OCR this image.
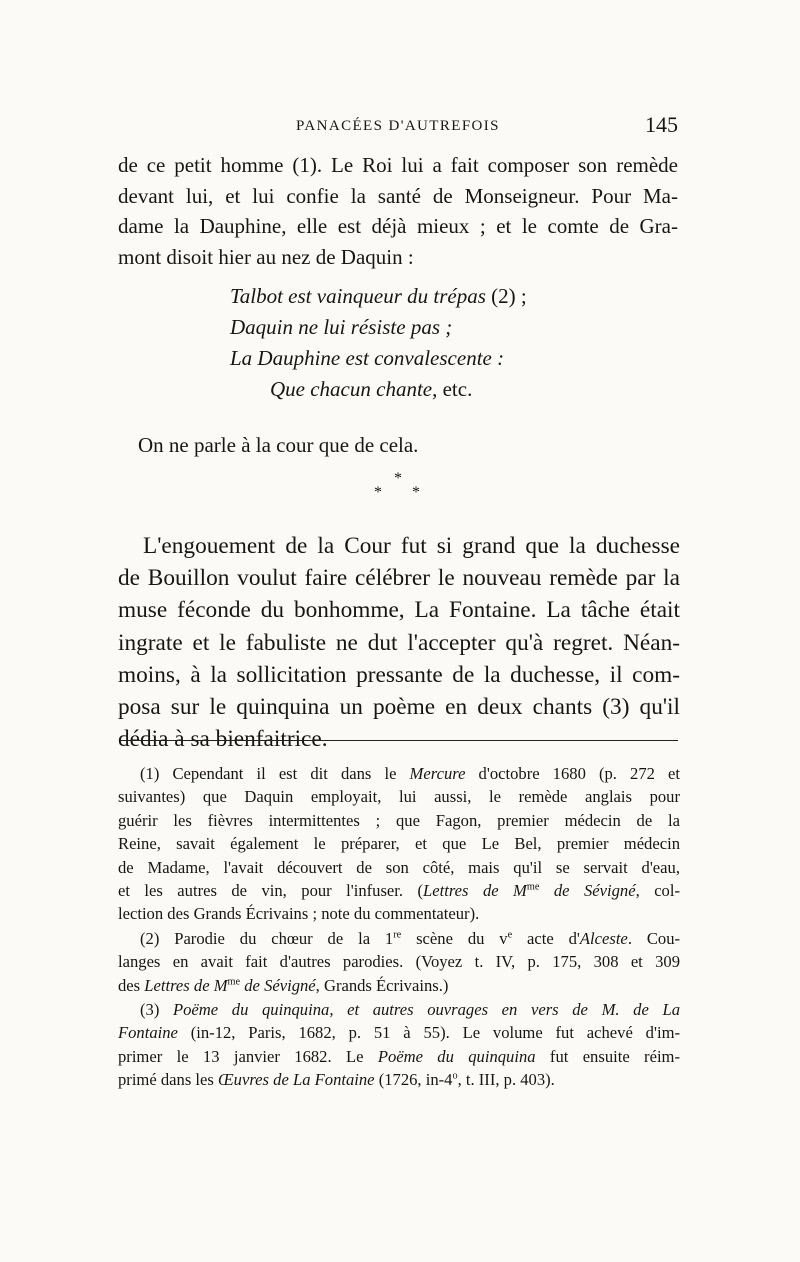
PANACÉES D'AUTREFOIS	145
de ce petit homme (1). Le Roi lui a fait composer son remède
devant lui, et lui confie la santé de Monseigneur. Pour Ma-
dame la Dauphine, elle est déjà mieux ; et le comte de Gra-
mont disoit hier au nez de Daquin :
Talbot est vainqueur du trépas (2) ;
Daquin ne lui résiste pas ;
La Dauphine est convalescente :
Que chacun chante, etc.

On ne parle à la cour que de cela.

*
* *
L'engouement de la Cour fut si grand que la duchesse
de Bouillon voulut faire célébrer le nouveau remède par la
muse féconde du bonhomme, La Fontaine. La tâche était
ingrate et le fabuliste ne dut l'accepter qu'à regret. Néan-
moins, à la sollicitation pressante de la duchesse, il com-
posa sur le quinquina un poème en deux chants (3) qu'il
dédia à sa bienfaitrice.
(1) Cependant il est dit dans le Mercure d'octobre 1680 (p. 272 et
suivantes) que Daquin employait, lui aussi, le remède anglais pour
guérir les fièvres intermittentes ; que Fagon, premier médecin de la
Reine, savait également le préparer, et que Le Bel, premier médecin
de Madame, l'avait découvert de son côté, mais qu'il se servait d'eau,
et les autres de vin, pour l'infuser. (Lettres de $M^{me}$ de Sévigné, col-
lection des Grands Écrivains ; note du commentateur).
(2) Parodie du chœur de la 1re scène du $v^e$ acte d'Alceste. Cou-
langes en avait fait d'autres parodies. (Voyez t. IV, p. 175, 308 et 309
des Lettres de $M^{me}$ de Sévigné, Grands Écrivains.)
(3) Poëme du quinquina, et autres ouvrages en vers de M. de La
Fontaine (in-12, Paris, 1682, p. 51 à 55). Le volume fut achevé d'im-
primer le 13 janvier 1682. Le Poëme du quinquina fut ensuite réim-
primé dans les Œuvres de La Fontaine (1726, in-4$^o$, t. III, p. 403).
